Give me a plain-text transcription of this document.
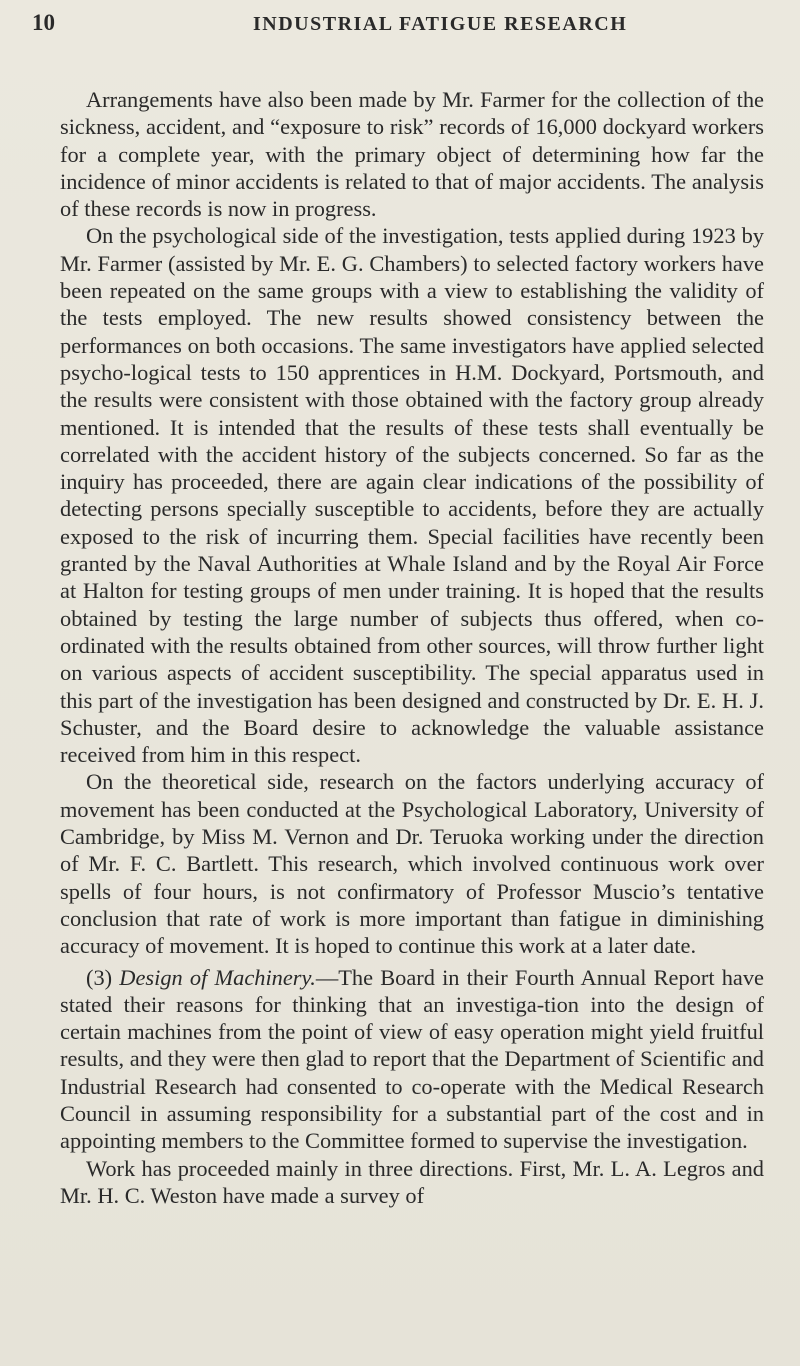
10	INDUSTRIAL FATIGUE RESEARCH

Arrangements have also been made by Mr. Farmer for the collection of the sickness, accident, and “exposure to risk” records of 16,000 dockyard workers for a complete year, with the primary object of determining how far the incidence of minor accidents is related to that of major accidents. The analysis of these records is now in progress.

On the psychological side of the investigation, tests applied during 1923 by Mr. Farmer (assisted by Mr. E. G. Chambers) to selected factory workers have been repeated on the same groups with a view to establishing the validity of the tests employed. The new results showed consistency between the performances on both occasions. The same investigators have applied selected psycho-logical tests to 150 apprentices in H.M. Dockyard, Portsmouth, and the results were consistent with those obtained with the factory group already mentioned. It is intended that the results of these tests shall eventually be correlated with the accident history of the subjects concerned. So far as the inquiry has proceeded, there are again clear indications of the possibility of detecting persons specially susceptible to accidents, before they are actually exposed to the risk of incurring them. Special facilities have recently been granted by the Naval Authorities at Whale Island and by the Royal Air Force at Halton for testing groups of men under training. It is hoped that the results obtained by testing the large number of subjects thus offered, when co-ordinated with the results obtained from other sources, will throw further light on various aspects of accident susceptibility. The special apparatus used in this part of the investigation has been designed and constructed by Dr. E. H. J. Schuster, and the Board desire to acknowledge the valuable assistance received from him in this respect.

On the theoretical side, research on the factors underlying accuracy of movement has been conducted at the Psychological Laboratory, University of Cambridge, by Miss M. Vernon and Dr. Teruoka working under the direction of Mr. F. C. Bartlett. This research, which involved continuous work over spells of four hours, is not confirmatory of Professor Muscio’s tentative conclusion that rate of work is more important than fatigue in diminishing accuracy of movement. It is hoped to continue this work at a later date.

(3) Design of Machinery.—The Board in their Fourth Annual Report have stated their reasons for thinking that an investiga-tion into the design of certain machines from the point of view of easy operation might yield fruitful results, and they were then glad to report that the Department of Scientific and Industrial Research had consented to co-operate with the Medical Research Council in assuming responsibility for a substantial part of the cost and in appointing members to the Committee formed to supervise the investigation.

Work has proceeded mainly in three directions. First, Mr. L. A. Legros and Mr. H. C. Weston have made a survey of
